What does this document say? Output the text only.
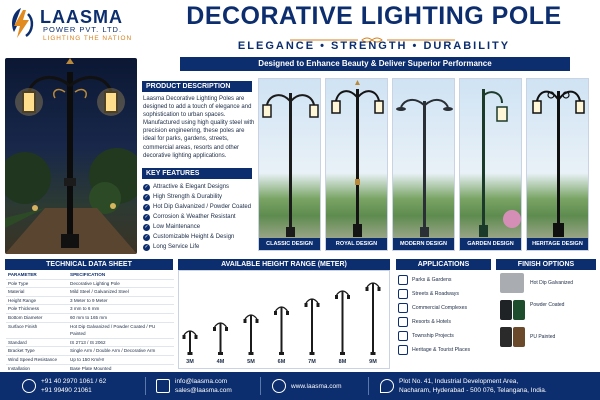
LAASMA
POWER PVT. LTD.
LIGHTING THE NATION
DECORATIVE LIGHTING POLE
ELEGANCE • STRENGTH • DURABILITY
Designed to Enhance Beauty & Deliver Superior Performance
PRODUCT DESCRIPTION
Laasma Decorative Lighting Poles are designed to add a touch of elegance and sophistication to urban spaces. Manufactured using high quality steel with precision engineering, these poles are ideal for parks, gardens, streets, commercial areas, resorts and other decorative lighting applications.
KEY FEATURES
✓ Attractive & Elegant Designs
✓ High Strength & Durability
✓ Hot Dip Galvanized / Powder Coated
✓ Corrosion & Weather Resistant
✓ Low Maintenance
✓ Customizable Height & Design
✓ Long Service Life	CLASSIC DESIGN	ROYAL DESIGN	MODERN DESIGN	GARDEN DESIGN	HERITAGE DESIGN
TECHNICAL DATA SHEET
PARAMETER	SPECIFICATION
Pole Type	Decorative Lighting Pole
Material	Mild Steel / Galvanized Steel
Height Range	3 Meter to 9 Meter
Pole Thickness	3 mm to 6 mm
Bottom Diameter	60 mm to 165 mm
Surface Finish	Hot Dip Galvanized / Powder Coated / PU Painted
Standard	IS 2713 / IS 2062
Bracket Type	Single Arm / Double Arm / Decorative Arm
Wind Speed Resistance	Up to 150 Km/Hr
Installation	Base Plate Mounted

AVAILABLE HEIGHT RANGE (METER)
3M	4M	5M	6M	7M	8M	9M
APPLICATIONS
Parks & Gardens
Streets & Roadways
Commercial Complexes
Resorts & Hotels
Township Projects
Heritage & Tourist Places
FINISH OPTIONS
Hot Dip Galvanized
Powder Coated
PU Painted
+91 40 2970 1061 / 62
+91 99490 21061
info@laasma.com
sales@laasma.com
www.laasma.com
Plot No. 41, Industrial Development Area,
Nacharam, Hyderabad - 500 076, Telangana, India.
